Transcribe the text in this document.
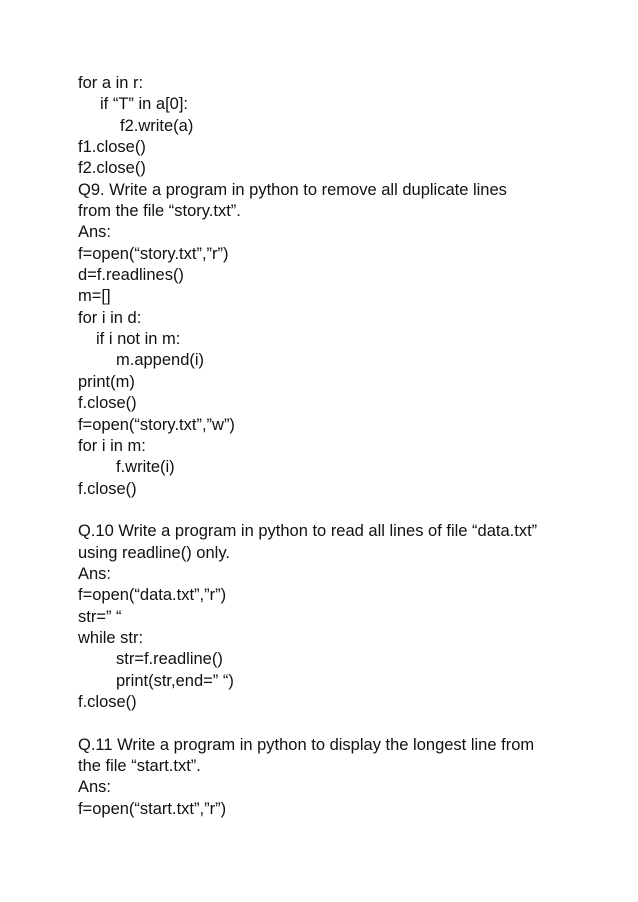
for a in r:
if “T” in a[0]:
f2.write(a)
f1.close()
f2.close()
Q9. Write a program in python to remove all duplicate lines
from the file “story.txt”.
Ans:
f=open(“story.txt”,”r”)
d=f.readlines()
m=[]
for i in d:
if i not in m:
m.append(i)
print(m)
f.close()
f=open(“story.txt”,”w”)
for i in m:
f.write(i)
f.close()
Q.10 Write a program in python to read all lines of file “data.txt”
using readline() only.
Ans:
f=open(“data.txt”,”r”)
str=” “
while str:
str=f.readline()
print(str,end=” “)
f.close()
Q.11 Write a program in python to display the longest line from
the file “start.txt”.
Ans:
f=open(“start.txt”,”r”)
